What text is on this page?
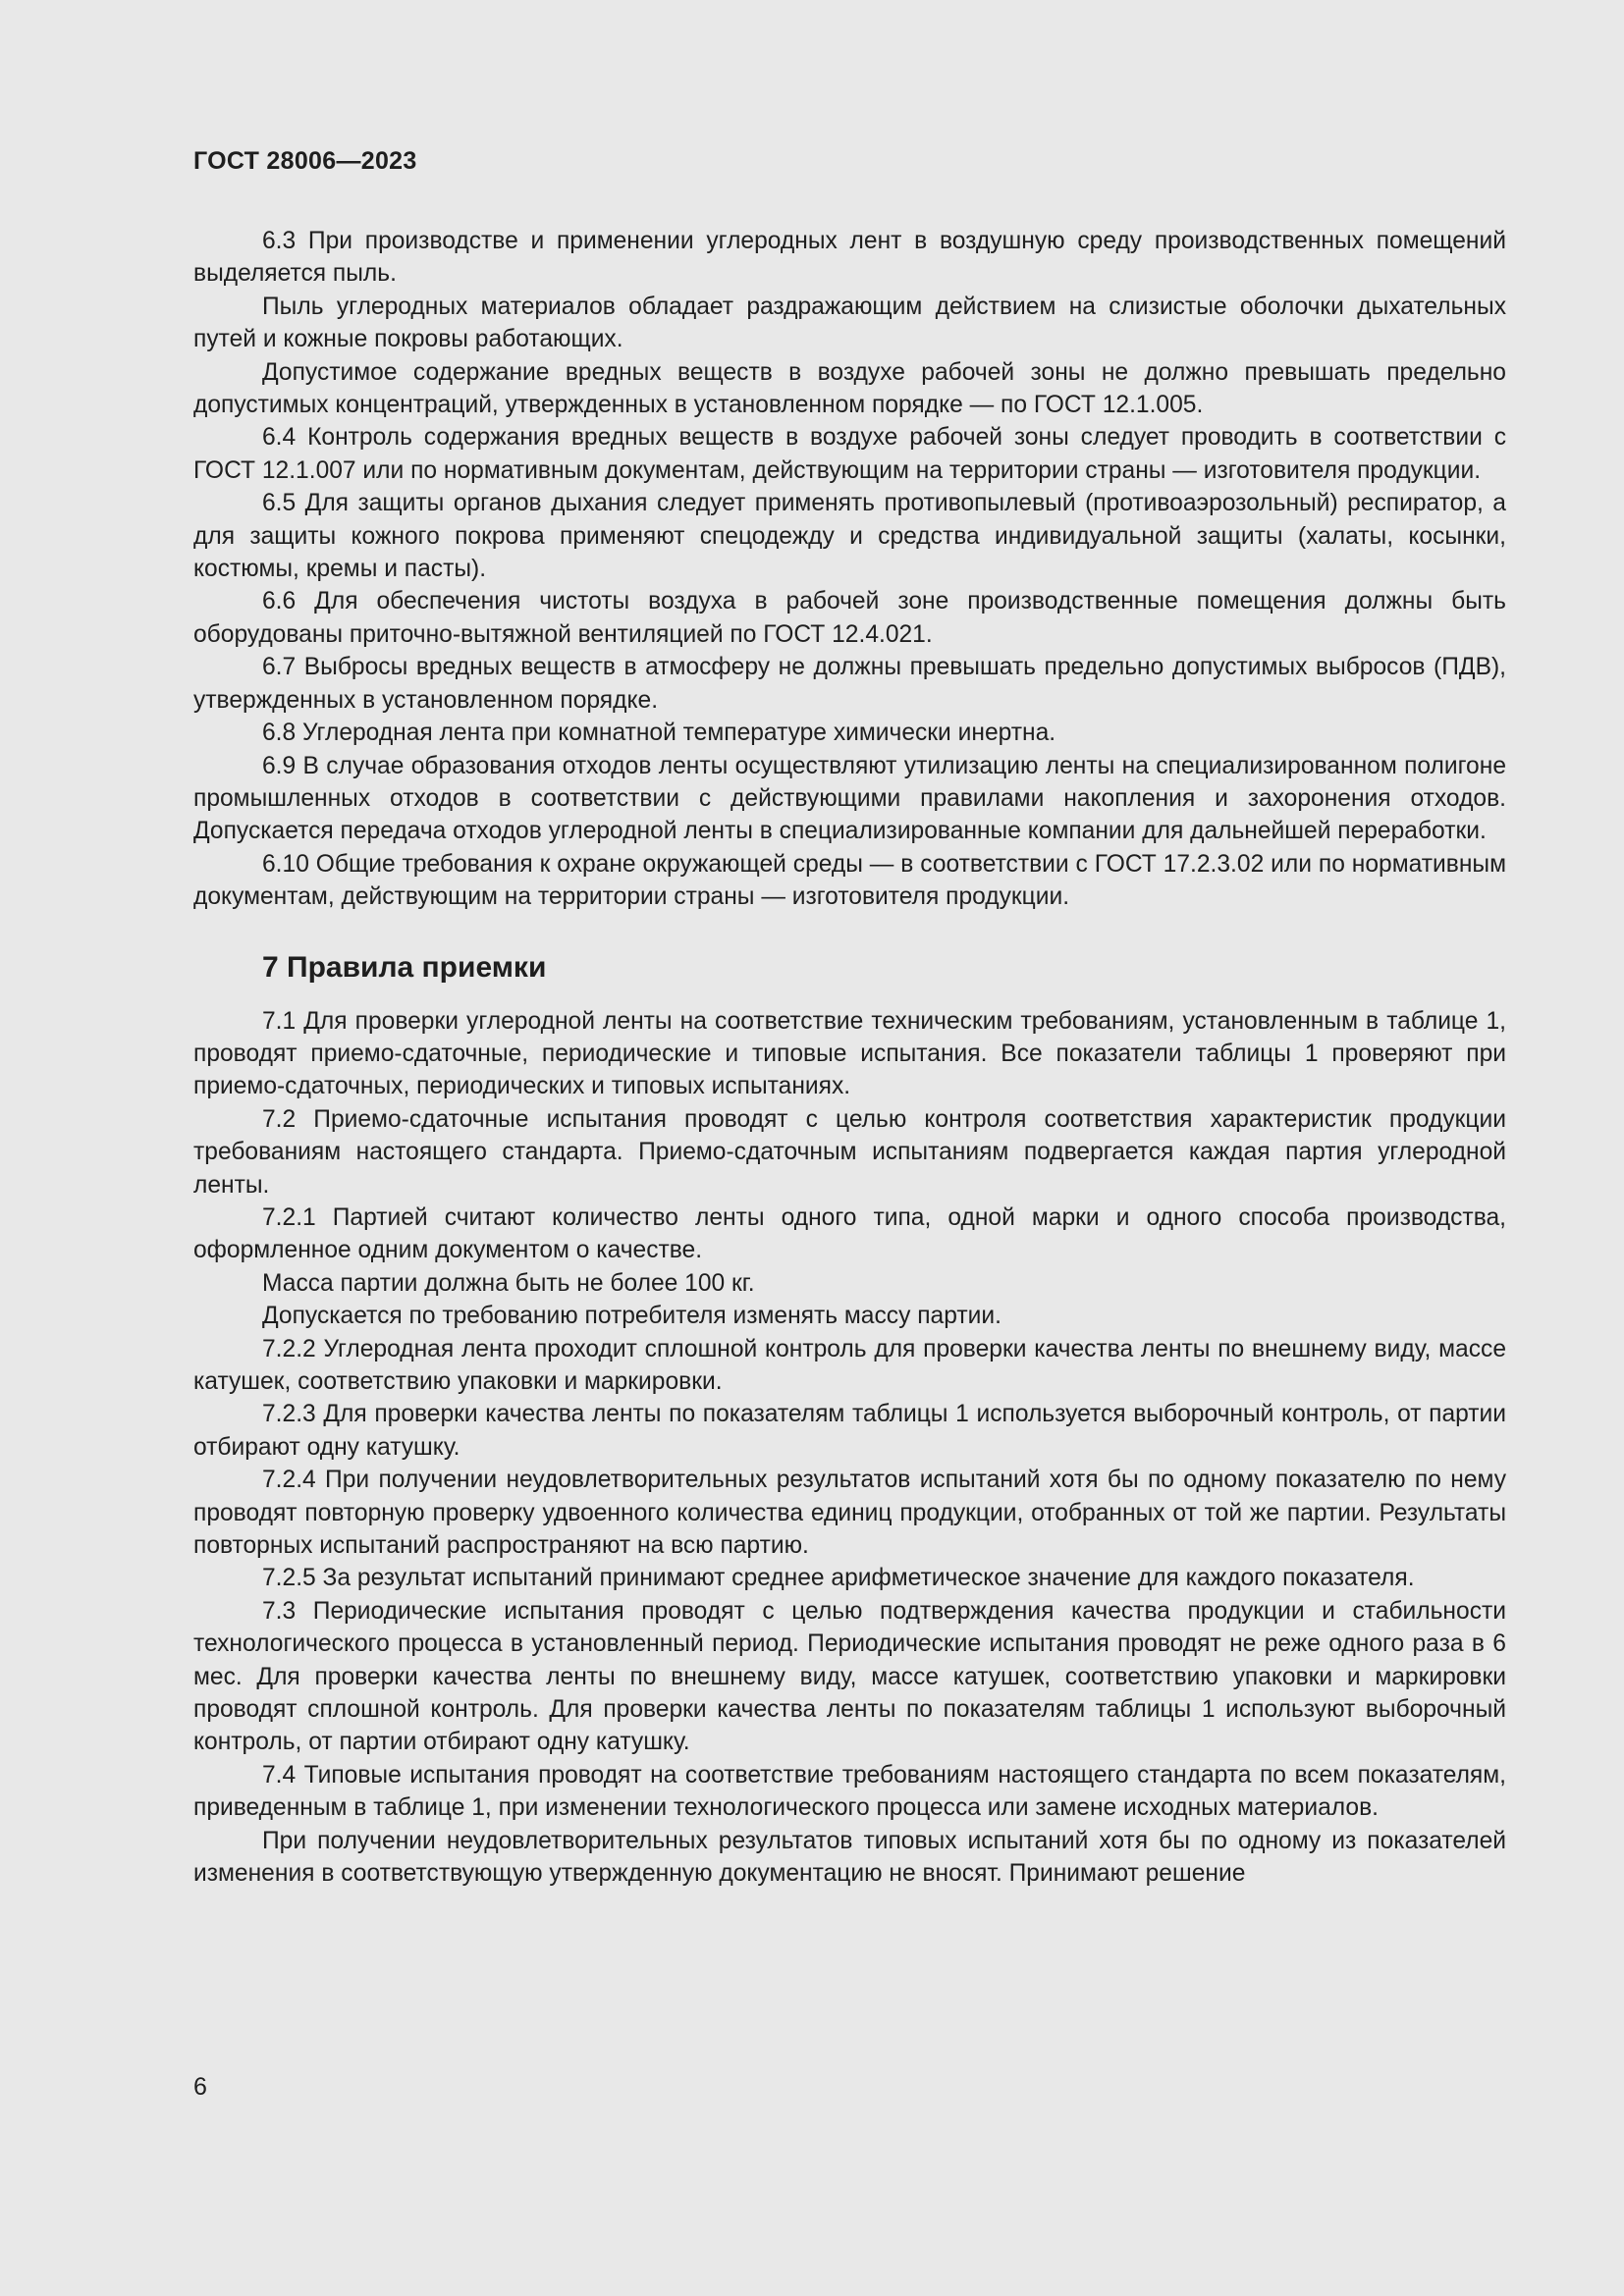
ГОСТ 28006—2023

6.3 При производстве и применении углеродных лент в воздушную среду производственных помещений выделяется пыль.

Пыль углеродных материалов обладает раздражающим действием на слизистые оболочки дыхательных путей и кожные покровы работающих.

Допустимое содержание вредных веществ в воздухе рабочей зоны не должно превышать предельно допустимых концентраций, утвержденных в установленном порядке — по ГОСТ 12.1.005.

6.4 Контроль содержания вредных веществ в воздухе рабочей зоны следует проводить в соответствии с ГОСТ 12.1.007 или по нормативным документам, действующим на территории страны — изготовителя продукции.

6.5 Для защиты органов дыхания следует применять противопылевый (противоаэрозольный) респиратор, а для защиты кожного покрова применяют спецодежду и средства индивидуальной защиты (халаты, косынки, костюмы, кремы и пасты).

6.6 Для обеспечения чистоты воздуха в рабочей зоне производственные помещения должны быть оборудованы приточно-вытяжной вентиляцией по ГОСТ 12.4.021.

6.7 Выбросы вредных веществ в атмосферу не должны превышать предельно допустимых выбросов (ПДВ), утвержденных в установленном порядке.

6.8 Углеродная лента при комнатной температуре химически инертна.

6.9 В случае образования отходов ленты осуществляют утилизацию ленты на специализированном полигоне промышленных отходов в соответствии с действующими правилами накопления и захоронения отходов. Допускается передача отходов углеродной ленты в специализированные компании для дальнейшей переработки.

6.10 Общие требования к охране окружающей среды — в соответствии с ГОСТ 17.2.3.02 или по нормативным документам, действующим на территории страны — изготовителя продукции.

7 Правила приемки

7.1 Для проверки углеродной ленты на соответствие техническим требованиям, установленным в таблице 1, проводят приемо-сдаточные, периодические и типовые испытания. Все показатели таблицы 1 проверяют при приемо-сдаточных, периодических и типовых испытаниях.

7.2 Приемо-сдаточные испытания проводят с целью контроля соответствия характеристик продукции требованиям настоящего стандарта. Приемо-сдаточным испытаниям подвергается каждая партия углеродной ленты.

7.2.1 Партией считают количество ленты одного типа, одной марки и одного способа производства, оформленное одним документом о качестве.

Масса партии должна быть не более 100 кг.

Допускается по требованию потребителя изменять массу партии.

7.2.2 Углеродная лента проходит сплошной контроль для проверки качества ленты по внешнему виду, массе катушек, соответствию упаковки и маркировки.

7.2.3 Для проверки качества ленты по показателям таблицы 1 используется выборочный контроль, от партии отбирают одну катушку.

7.2.4 При получении неудовлетворительных результатов испытаний хотя бы по одному показателю по нему проводят повторную проверку удвоенного количества единиц продукции, отобранных от той же партии. Результаты повторных испытаний распространяют на всю партию.

7.2.5 За результат испытаний принимают среднее арифметическое значение для каждого показателя.

7.3 Периодические испытания проводят с целью подтверждения качества продукции и стабильности технологического процесса в установленный период. Периодические испытания проводят не реже одного раза в 6 мес. Для проверки качества ленты по внешнему виду, массе катушек, соответствию упаковки и маркировки проводят сплошной контроль. Для проверки качества ленты по показателям таблицы 1 используют выборочный контроль, от партии отбирают одну катушку.

7.4 Типовые испытания проводят на соответствие требованиям настоящего стандарта по всем показателям, приведенным в таблице 1, при изменении технологического процесса или замене исходных материалов.

При получении неудовлетворительных результатов типовых испытаний хотя бы по одному из показателей изменения в соответствующую утвержденную документацию не вносят. Принимают решение

6
